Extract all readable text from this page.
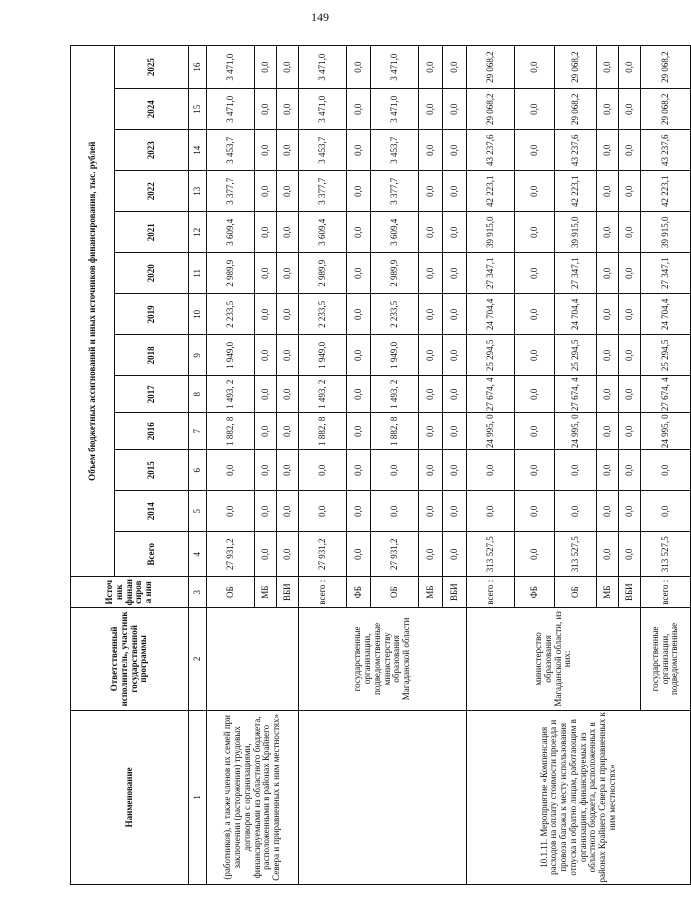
149
Наименование	Ответственный исполнитель, участник государственной программы	Источ ник финан сирова ния	Объем бюджетных ассигнований и иных источников финансирования, тыс. рублей												
			Всего	2014	2015	2016	2017	2018	2019	2020	2021	2022	2023	2024	2025
1	2	3	4	5	6	7	8	9	10	11	12	13	14	15	16
(работников), а также членов их семей при заключении (расторжении) трудовых договоров с организациями, финансируемыми из областного бюджета, расположенными в районах Крайнего Севера и приравненных к ним местностях»		ОБ	27 931,2	0,0	0,0	1 882, 8	1 493, 2	1 949,0	2 233,5	2 989,9	3 609,4	3 377,7	3 453,7	3 471,0	3 471,0
		МБ	0,0	0,0	0,0	0,0	0,0	0,0	0,0	0,0	0,0	0,0	0,0	0,0	0,0
		ВБИ	0,0	0,0	0,0	0,0	0,0	0,0	0,0	0,0	0,0	0,0	0,0	0,0	0,0
	государственные организации, подведомственные министерству образования Магаданской области	всего :	27 931,2	0,0	0,0	1 882, 8	1 493, 2	1 949,0	2 233,5	2 989,9	3 609,4	3 377,7	3 453,7	3 471,0	3 471,0
		ФБ	0,0	0,0	0,0	0,0	0,0	0,0	0,0	0,0	0,0	0,0	0,0	0,0	0,0
		ОБ	27 931,2	0,0	0,0	1 882, 8	1 493, 2	1 949,0	2 233,5	2 989,9	3 609,4	3 377,7	3 453,7	3 471,0	3 471,0
		МБ	0,0	0,0	0,0	0,0	0,0	0,0	0,0	0,0	0,0	0,0	0,0	0,0	0,0
		ВБИ	0,0	0,0	0,0	0,0	0,0	0,0	0,0	0,0	0,0	0,0	0,0	0,0	0,0
10.1.11. Мероприятие «Компенсация расходов на оплату стоимости проезда и провоза багажа к месту использования отпуска и обратно лицам, работающим в организациях, финансируемых из областного бюджета, расположенных в районах Крайнего Севера и приравненных к ним местностях»	министерство образования Магаданской области, из них:	всего :	313 527,5	0,0	0,0	24 995, 0	27 674, 4	25 294,5	24 704,4	27 347,1	39 915,0	42 223,1	43 237,6	29 068,2	29 068,2
		ФБ	0,0	0,0	0,0	0,0	0,0	0,0	0,0	0,0	0,0	0,0	0,0	0,0	0,0
		ОБ	313 527,5	0,0	0,0	24 995, 0	27 674, 4	25 294,5	24 704,4	27 347,1	39 915,0	42 223,1	43 237,6	29 068,2	29 068,2
		МБ	0,0	0,0	0,0	0,0	0,0	0,0	0,0	0,0	0,0	0,0	0,0	0,0	0,0
		ВБИ	0,0	0,0	0,0	0,0	0,0	0,0	0,0	0,0	0,0	0,0	0,0	0,0	0,0
	государственные организации, подведомственные	всего :	313 527,5	0,0	0,0	24 995, 0	27 674, 4	25 294,5	24 704,4	27 347,1	39 915,0	42 223,1	43 237,6	29 068,2	29 068,2
